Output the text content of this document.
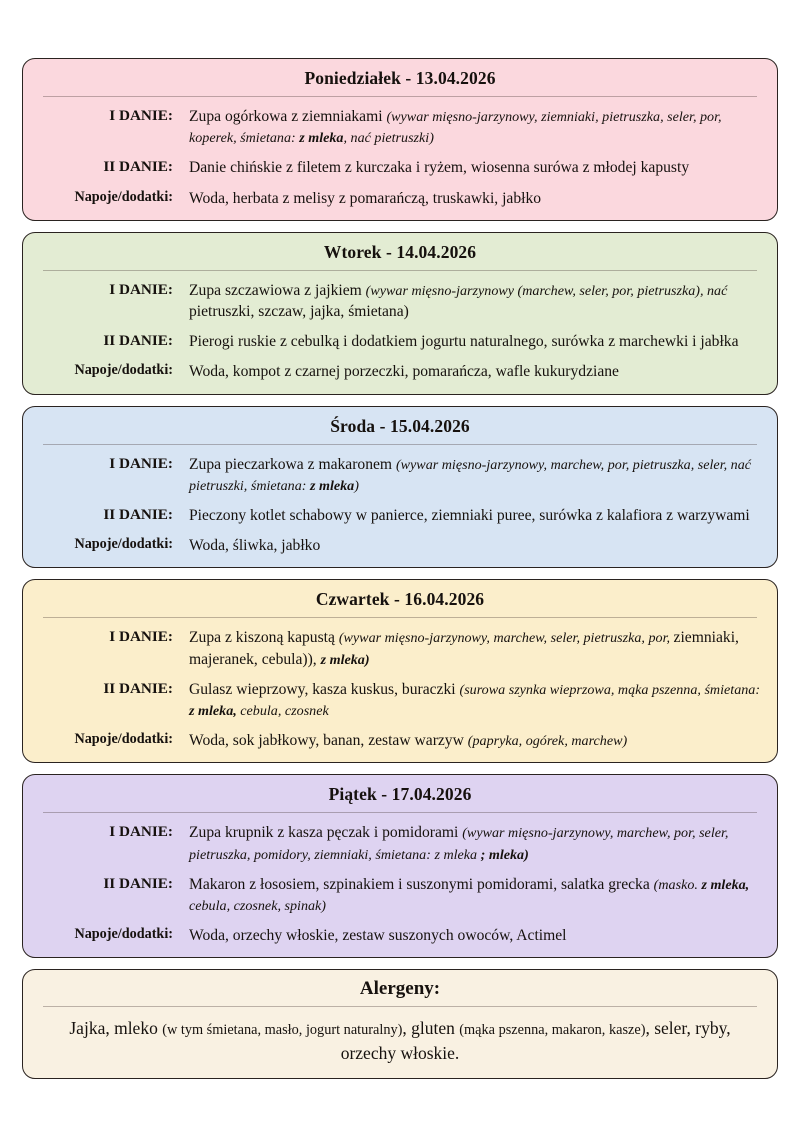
Poniedziałek - 13.04.2026
I DANIE:	Zupa ogórkowa z ziemniakami (wywar mięsno-jarzynowy, ziemniaki, pietruszka, seler, por, koperek, śmietana: z mleka, nać pietruszki)
II DANIE:	Danie chińskie z filetem z kurczaka i ryżem, wiosenna surówa z młodej kapusty
Napoje/dodatki:	Woda, herbata z melisy z pomarańczą, truskawki, jabłko
Wtorek - 14.04.2026
I DANIE:	Zupa szczawiowa z jajkiem (wywar mięsno-jarzynowy (marchew, seler, por, pietruszka), nać pietruszki, szczaw, jajka, śmietana)
II DANIE:	Pierogi ruskie z cebulką i dodatkiem jogurtu naturalnego, surówka z marchewki i jabłka
Napoje/dodatki:	Woda, kompot z czarnej porzeczki, pomarańcza, wafle kukurydziane
Środa - 15.04.2026
I DANIE:	Zupa pieczarkowa z makaronem (wywar mięsno-jarzynowy, marchew, por, pietruszka, seler, nać pietruszki, śmietana: z mleka)
II DANIE:	Pieczony kotlet schabowy w panierce, ziemniaki puree, surówka z kalafiora z warzywami
Napoje/dodatki:	Woda, śliwka, jabłko
Czwartek - 16.04.2026
I DANIE:	Zupa z kiszoną kapustą (wywar mięsno-jarzynowy, marchew, seler, pietruszka, por, ziemniaki, majeranek, cebula)), z mleka)
II DANIE:	Gulasz wieprzowy, kasza kuskus, buraczki (surowa szynka wieprzowa, mąka pszenna, śmietana: z mleka, cebula, czosnek
Napoje/dodatki:	Woda, sok jabłkowy, banan, zestaw warzyw (papryka, ogórek, marchew)
Piątek - 17.04.2026
I DANIE:	Zupa krupnik z kasza pęczak i pomidorami (wywar mięsno-jarzynowy, marchew, por, seler, pietruszka, pomidory, ziemniaki, śmietana: z mleka ; mleka)
II DANIE:	Makaron z łososiem, szpinakiem i suszonymi pomidorami, salatka grecka (masko. z mleka, cebula, czosnek, spinak)
Napoje/dodatki:	Woda, orzechy włoskie, zestaw suszonych owoców, Actimel
Alergeny:
Jajka, mleko (w tym śmietana, masło, jogurt naturalny), gluten (mąka pszenna, makaron, kasze), seler, ryby, orzechy włoskie.
